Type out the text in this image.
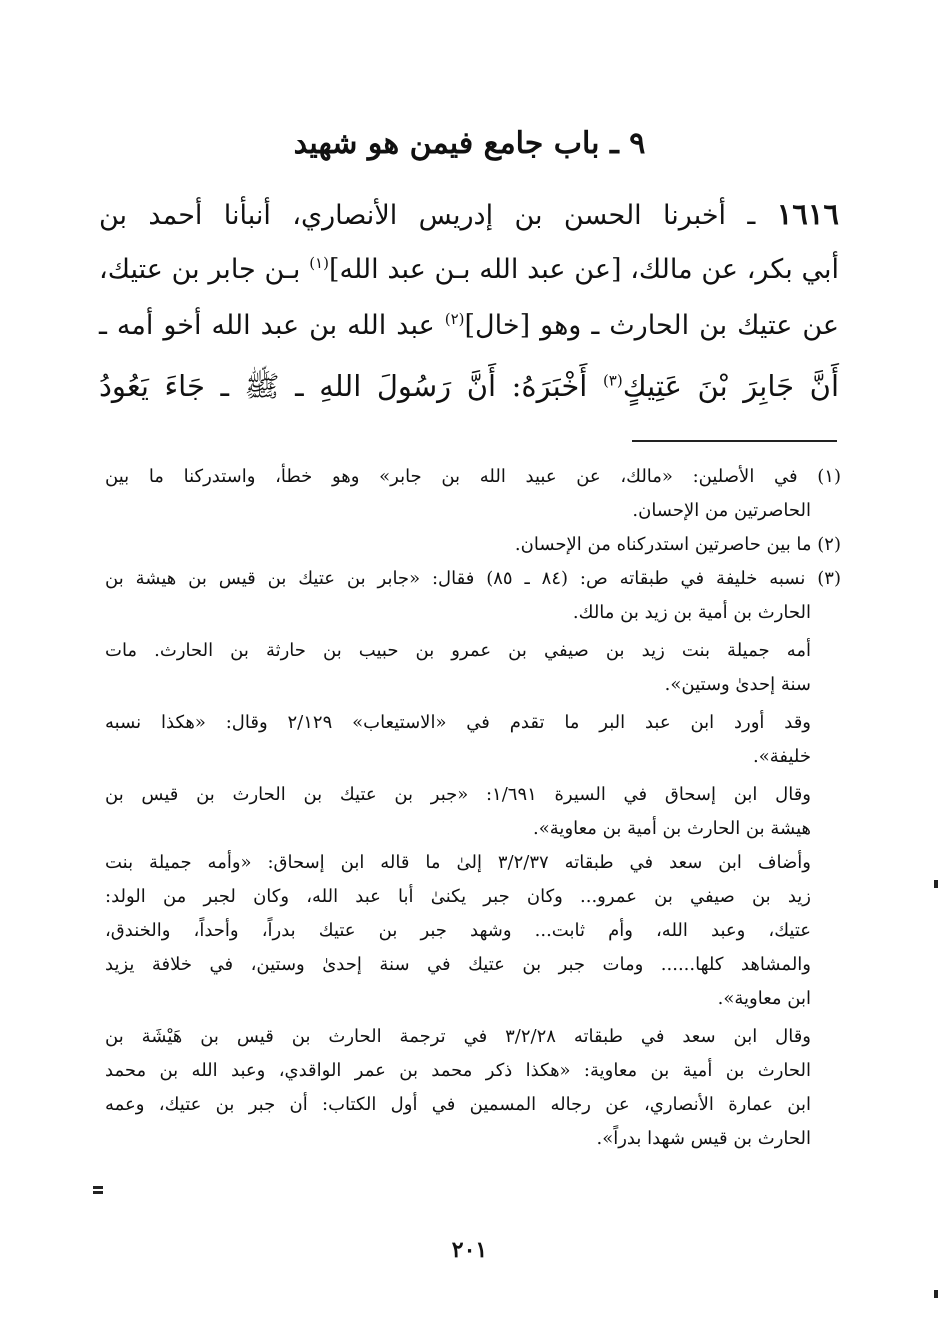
٩ ـ باب جامع فيمن هو شهيد
١٦١٦ ـ أخبرنا الحسن بن إدريس الأنصاري، أنبأنا أحمد بن
أبي بكر، عن مالك، [عن عبد الله بـن عبد الله]$^{(١)}$ بـن جابر بن عتيك،
عن عتيك بن الحارث ـ وهو [خال]$^{(٢)}$ عبد الله بن عبد الله أخو أمه ـ
أَنَّ جَابِرَ بْنَ عَتِيكٍ$^{(٣)}$ أَخْبَرَهُ: أَنَّ رَسُولَ اللهِ ـ ﷺ ـ جَاءَ يَعُودُ
(١) في الأصلين: «مالك، عن عبيد الله بن جابر» وهو خطأ، واستدركنا ما بين
الحاصرتين من الإحسان.
(٢) ما بين حاصرتين استدركناه من الإحسان.
(٣) نسبه خليفة في طبقاته ص: (٨٤ ـ ٨٥) فقال: «جابر بن عتيك بن قيس بن هيشة بن
الحارث بن أمية بن زيد بن مالك.
أمه جميلة بنت زيد بن صيفي بن عمرو بن حبيب بن حارثة بن الحارث. مات
سنة إحدىٰ وستين».
وقد أورد ابن عبد البر ما تقدم في «الاستيعاب» ٢/١٢٩ وقال: «هكذا نسبه
خليفة».
وقال ابن إسحاق في السيرة ١/٦٩١: «جبر بن عتيك بن الحارث بن قيس بن
هيشة بن الحارث بن أمية بن معاوية».
وأضاف ابن سعد في طبقاته ٣/٢/٣٧ إلىٰ ما قاله ابن إسحاق: «وأمه جميلة بنت
زيد بن صيفي بن عمرو... وكان جبر يكنىٰ أبا عبد الله، وكان لجبر من الولد:
عتيك، وعبد الله، وأم ثابت... وشهد جبر بن عتيك بدراً، وأحداً، والخندق،
والمشاهد كلها...... ومات جبر بن عتيك في سنة إحدىٰ وستين، في خلافة يزيد
ابن معاوية».
وقال ابن سعد في طبقاته ٣/٢/٢٨ في ترجمة الحارث بن قيس بن هَيْشَة بن
الحارث بن أمية بن معاوية: «هكذا ذكر محمد بن عمر الواقدي، وعبد الله بن محمد
ابن عمارة الأنصاري، عن رجاله المسمين في أول الكتاب: أن جبر بن عتيك، وعمه
الحارث بن قيس شهدا بدراً».
٢٠١
